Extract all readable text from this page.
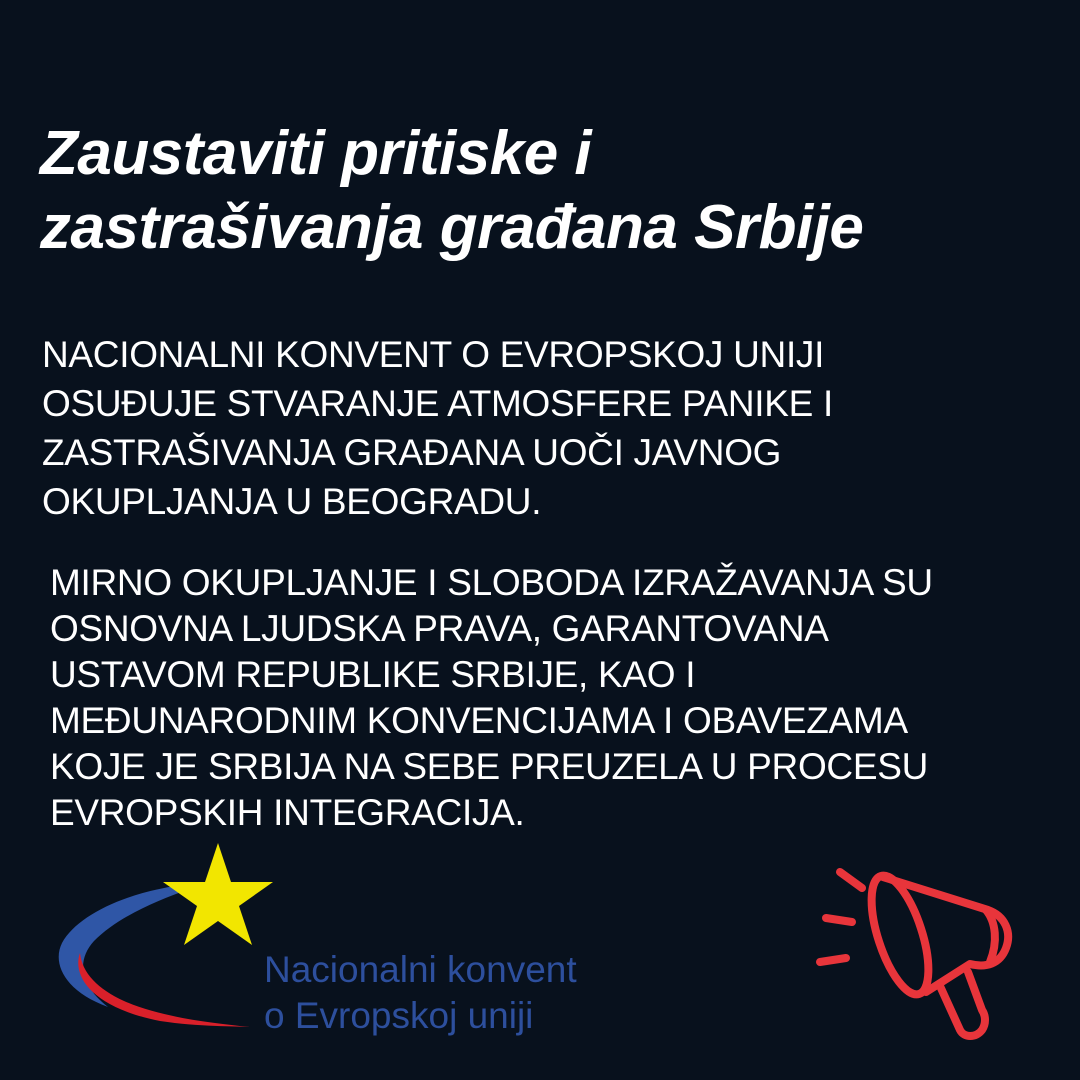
Zaustaviti pritiske i
zastrašivanja građana Srbije
NACIONALNI KONVENT O EVROPSKOJ UNIJI
OSUĐUJE STVARANJE ATMOSFERE PANIKE I
ZASTRAŠIVANJA GRAĐANA UOČI JAVNOG
OKUPLJANJA U BEOGRADU.
MIRNO OKUPLJANJE I SLOBODA IZRAŽAVANJA SU
OSNOVNA LJUDSKA PRAVA, GARANTOVANA
USTAVOM REPUBLIKE SRBIJE, KAO I
MEĐUNARODNIM KONVENCIJAMA I OBAVEZAMA
KOJE JE SRBIJA NA SEBE PREUZELA U PROCESU
EVROPSKIH INTEGRACIJA.
Nacionalni konvent
o Evropskoj uniji
